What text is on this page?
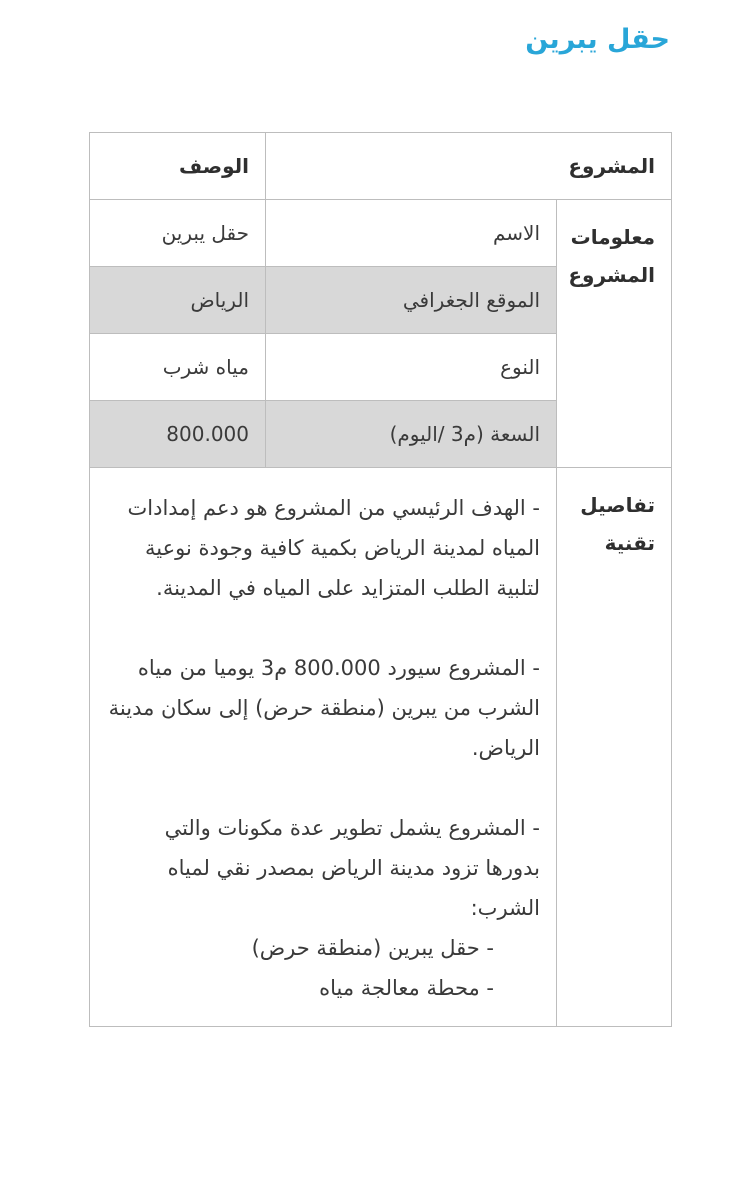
حقل يبرين
المشروع		الوصف
معلومات المشروع	الاسم	حقل يبرين
	الموقع الجغرافي	الرياض
	النوع	مياه شرب
	السعة (م3 /اليوم)	800.000
تفاصيل تقنية	- الهدف الرئيسي من المشروع هو دعم إمدادات المياه لمدينة الرياض بكمية كافية وجودة نوعية لتلبية الطلب المتزايد على المياه في المدينة.

- المشروع سيورد 800.000 م3 يوميا من مياه الشرب من يبرين (منطقة حرض) إلى سكان مدينة الرياض.

- المشروع يشمل تطوير عدة مكونات والتي بدورها تزود مدينة الرياض بمصدر نقي لمياه الشرب:

- حقل يبرين (منطقة حرض)

- محطة معالجة مياه	
